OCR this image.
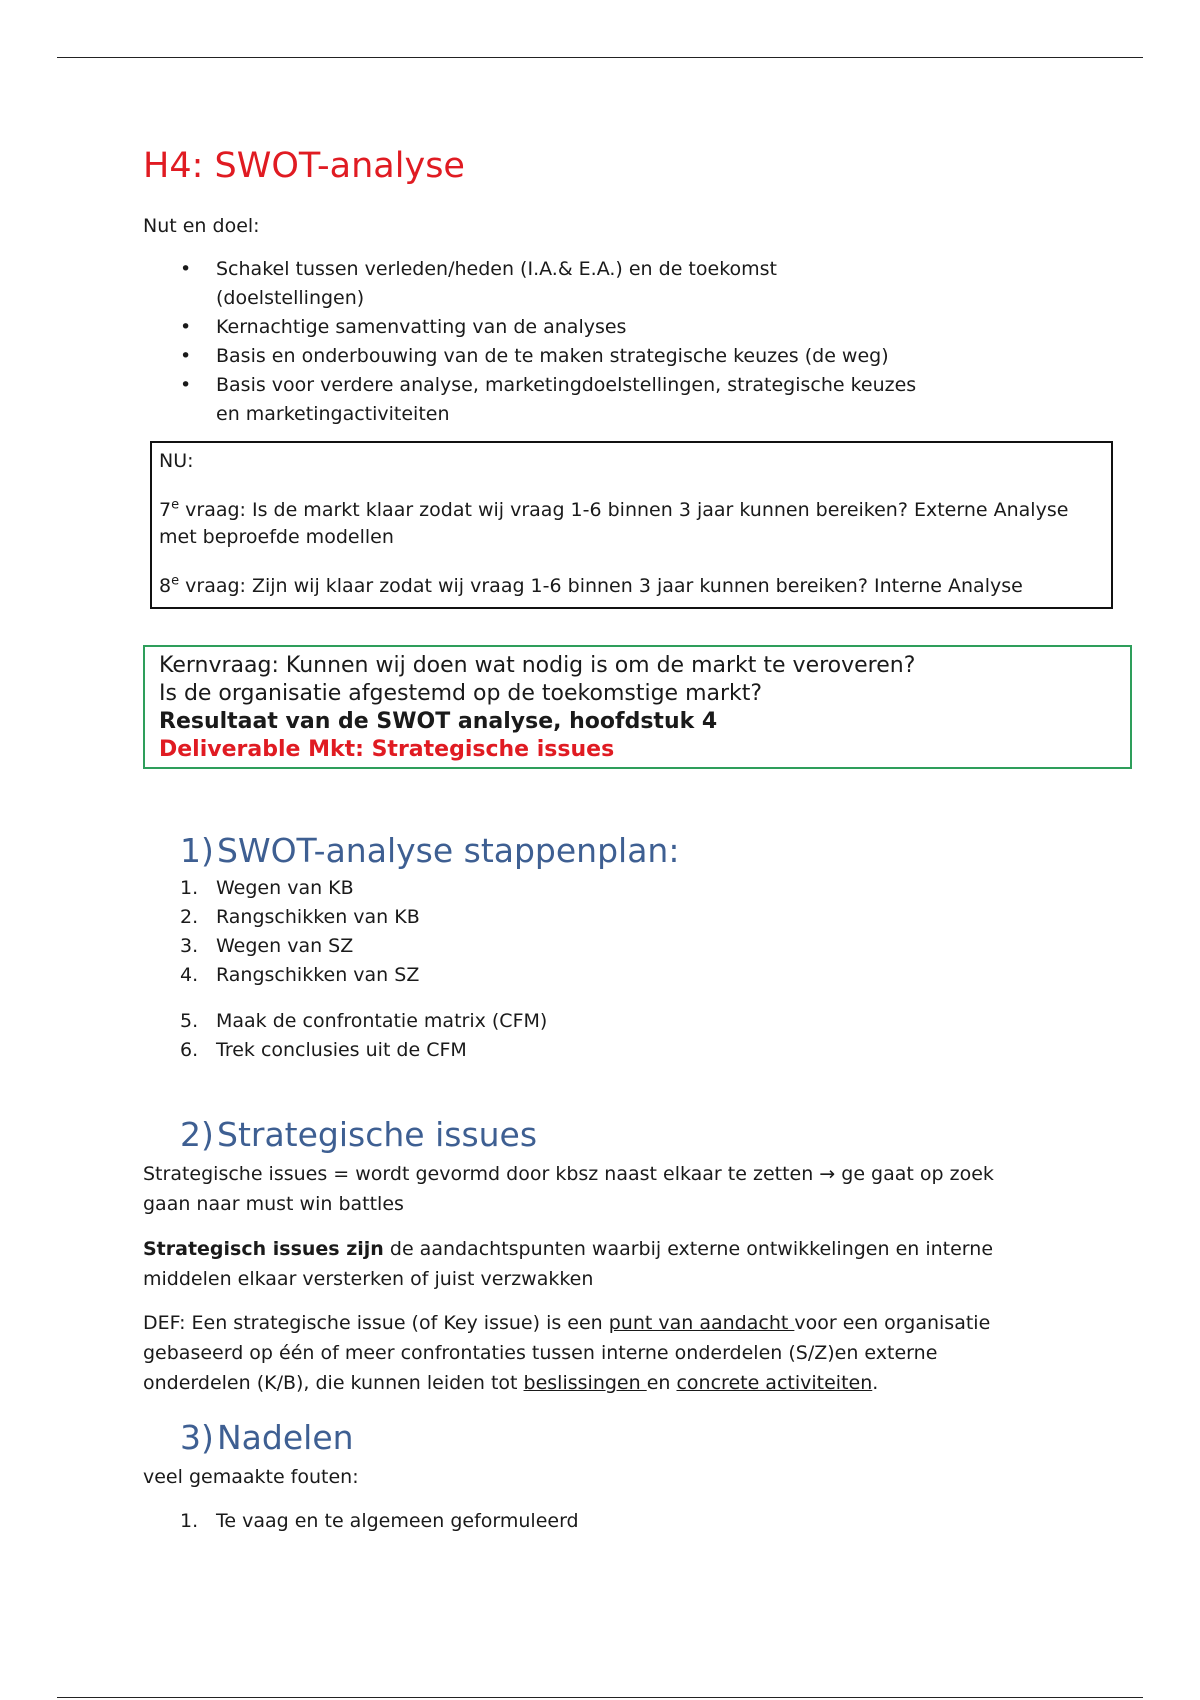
H4: SWOT-analyse
Nut en doel:
• Schakel tussen verleden/heden (I.A.& E.A.) en de toekomst (doelstellingen)
• Kernachtige samenvatting van de analyses
• Basis en onderbouwing van de te maken strategische keuzes (de weg)
• Basis voor verdere analyse, marketingdoelstellingen, strategische keuzes en marketingactiviteiten

NU:

7e vraag: Is de markt klaar zodat wij vraag 1-6 binnen 3 jaar kunnen bereiken? Externe Analyse met beproefde modellen

8e vraag: Zijn wij klaar zodat wij vraag 1-6 binnen 3 jaar kunnen bereiken? Interne Analyse

Kernvraag: Kunnen wij doen wat nodig is om de markt te veroveren?

Is de organisatie afgestemd op de toekomstige markt?

Resultaat van de SWOT analyse, hoofdstuk 4

Deliverable Mkt: Strategische issues

1)SWOT-analyse stappenplan:
1. Wegen van KB
2. Rangschikken van KB
3. Wegen van SZ
4. Rangschikken van SZ
5. Maak de confrontatie matrix (CFM)
6. Trek conclusies uit de CFM
2)Strategische issues

Strategische issues = wordt gevormd door kbsz naast elkaar te zetten → ge gaat op zoek gaan naar must win battles

Strategisch issues zijn de aandachtspunten waarbij externe ontwikkelingen en interne middelen elkaar versterken of juist verzwakken

DEF: Een strategische issue (of Key issue) is een punt van aandacht voor een organisatie gebaseerd op één of meer confrontaties tussen interne onderdelen (S/Z)en externe onderdelen (K/B), die kunnen leiden tot beslissingen en concrete activiteiten.

3)Nadelen

veel gemaakte fouten:

1. Te vaag en te algemeen geformuleerd
